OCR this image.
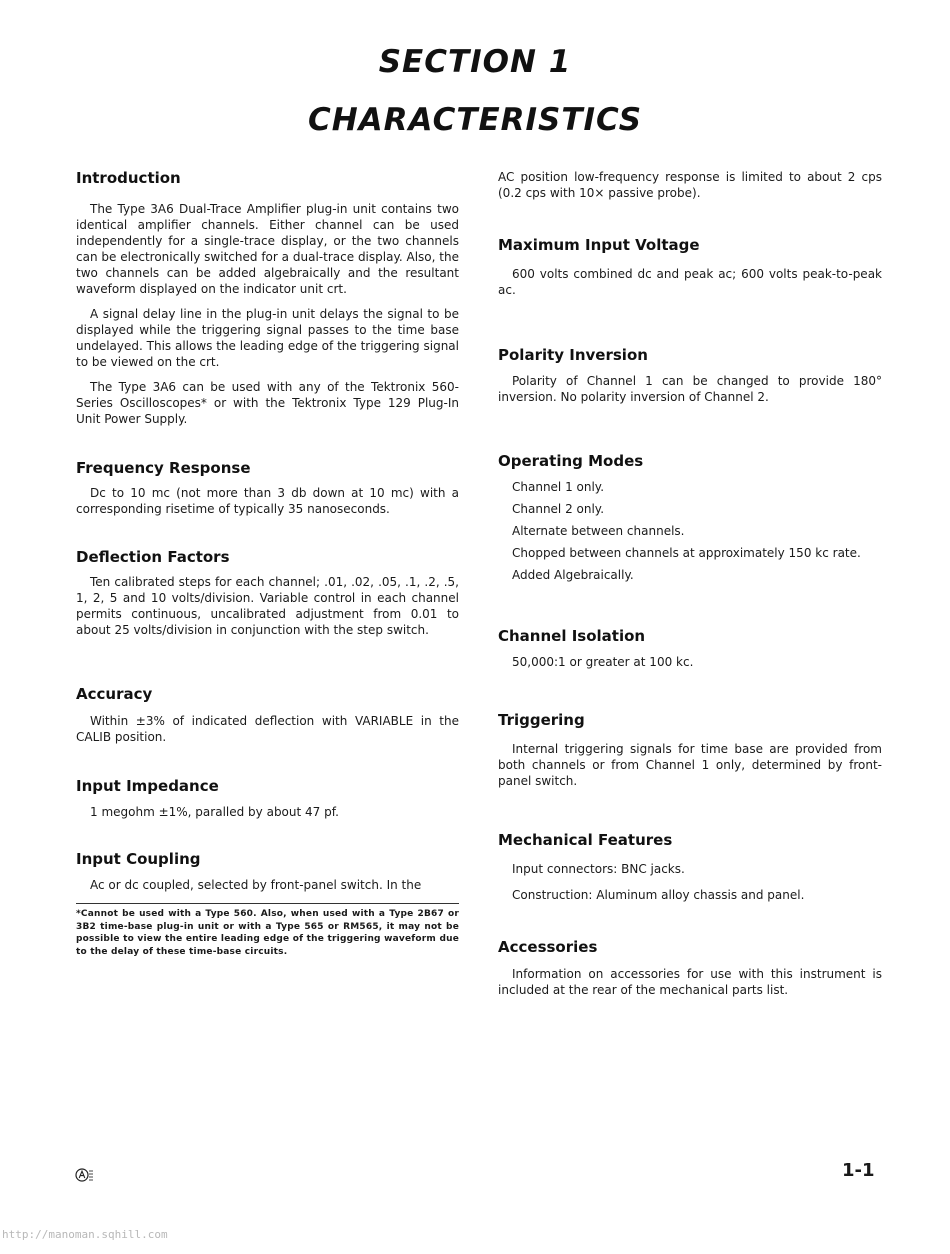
SECTION 1
CHARACTERISTICS
Introduction

The Type 3A6 Dual-Trace Amplifier plug-in unit contains two identical amplifier channels. Either channel can be used independently for a single-trace display, or the two channels can be electronically switched for a dual-trace display. Also, the two channels can be added algebraically and the resultant waveform displayed on the indicator unit crt.

A signal delay line in the plug-in unit delays the signal to be displayed while the triggering signal passes to the time base undelayed. This allows the leading edge of the triggering signal to be viewed on the crt.

The Type 3A6 can be used with any of the Tektronix 560-Series Oscilloscopes* or with the Tektronix Type 129 Plug-In Unit Power Supply.

Frequency Response

Dc to 10 mc (not more than 3 db down at 10 mc) with a corresponding risetime of typically 35 nanoseconds.

Deflection Factors

Ten calibrated steps for each channel; .01, .02, .05, .1, .2, .5, 1, 2, 5 and 10 volts/division. Variable control in each channel permits continuous, uncalibrated adjustment from 0.01 to about 25 volts/division in conjunction with the step switch.

Accuracy

Within ±3% of indicated deflection with VARIABLE in the CALIB position.

Input Impedance

1 megohm ±1%, paralled by about 47 pf.

Input Coupling

Ac or dc coupled, selected by front-panel switch. In the

*Cannot be used with a Type 560. Also, when used with a Type 2B67 or 3B2 time-base plug-in unit or with a Type 565 or RM565, it may not be possible to view the entire leading edge of the triggering waveform due to the delay of these time-base circuits.

AC position low-frequency response is limited to about 2 cps (0.2 cps with 10× passive probe).

Maximum Input Voltage

600 volts combined dc and peak ac; 600 volts peak-to-peak ac.

Polarity Inversion

Polarity of Channel 1 can be changed to provide 180° inversion. No polarity inversion of Channel 2.

Operating Modes
Channel 1 only.
Channel 2 only.
Alternate between channels.
Chopped between channels at approximately 150 kc rate.
Added Algebraically.
Channel Isolation
50,000:1 or greater at 100 kc.
Triggering

Internal triggering signals for time base are provided from both channels or from Channel 1 only, determined by front-panel switch.

Mechanical Features
Input connectors: BNC jacks.
Construction: Aluminum alloy chassis and panel.
Accessories

Information on accessories for use with this instrument is included at the rear of the mechanical parts list.

1-1
http://manoman.sqhill.com
